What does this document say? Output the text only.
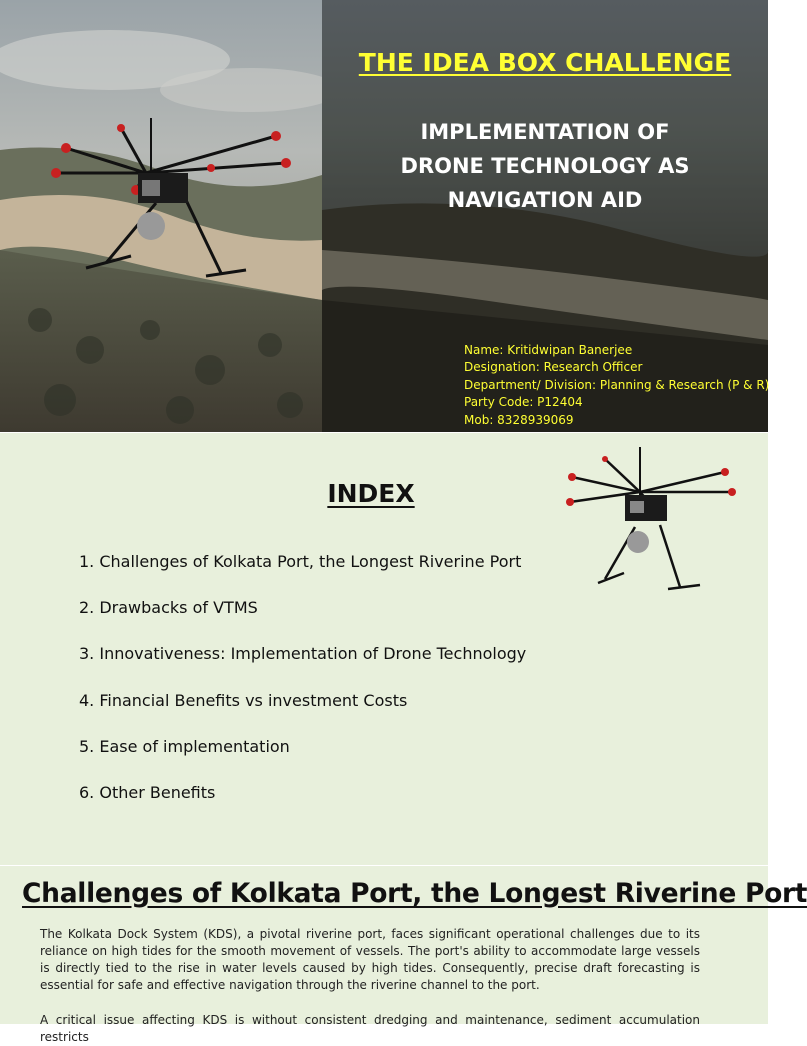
THE IDEA BOX CHALLENGE
IMPLEMENTATION OF
DRONE TECHNOLOGY AS
NAVIGATION AID
Name: Kritidwipan Banerjee
Designation: Research Officer
Department/ Division: Planning & Research (P & R)
Party Code: P12404
Mob: 8328939069
INDEX
1. Challenges of Kolkata Port, the Longest Riverine Port
2. Drawbacks of VTMS
3. Innovativeness: Implementation of Drone Technology
4. Financial Benefits vs investment Costs
5. Ease of implementation
6. Other Benefits
Challenges of Kolkata Port, the Longest Riverine Port

The Kolkata Dock System (KDS), a pivotal riverine port, faces significant operational challenges due to its reliance on high tides for the smooth movement of vessels. The port's ability to accommodate large vessels is directly tied to the rise in water levels caused by high tides. Consequently, precise draft forecasting is essential for safe and effective navigation through the riverine channel to the port.

A critical issue affecting KDS is without consistent dredging and maintenance, sediment accumulation restricts
